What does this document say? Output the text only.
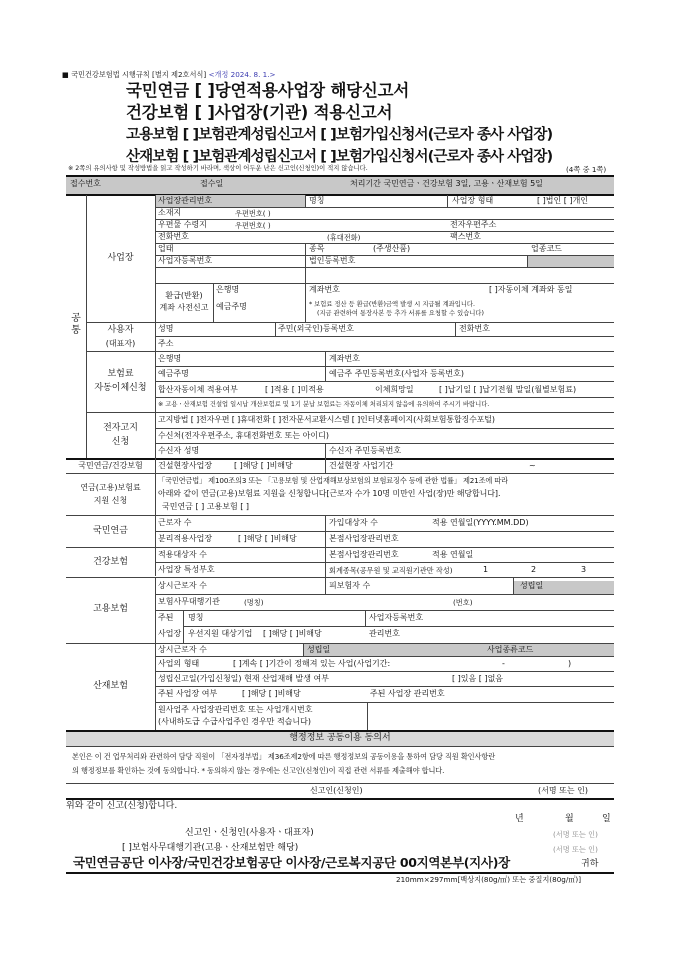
■ 국민건강보험법 시행규칙 [별지 제2호서식] <개정 2024. 8. 1.>
국민연금 [ ]당연적용사업장 해당신고서
건강보험 [ ]사업장(기관) 적용신고서
고용보험 [ ]보험관계성립신고서 [ ]보험가입신청서(근로자 종사 사업장)
산재보험 [ ]보험관계성립신고서 [ ]보험가입신청서(근로자 종사 사업장)
※ 2쪽의 유의사항 및 작성방법을 읽고 작성하기 바라며, 색상이 어두운 난은 신고인(신청인)이 적지 않습니다.	(4쪽 중 1쪽)
접수번호	접수일	처리기간 국민연금ㆍ건강보험 3일, 고용ㆍ산재보험 5일
공통
사업장
사업장관리번호	명칭	사업장 형태	[ ]법인 [ ]개인
소재지	우편번호( )
우편물 수령지	우편번호( )	전자우편주소
전화번호	(휴대전화)	팩스번호
업태	종목	(주생산품)	업종코드
사업자등록번호	법인등록번호
환급(반환)
계좌 사전신고
은행명
예금주명
계좌번호	[ ]자동이체 계좌와 동일
* 보험료 정산 등 환급(반환)금액 발생 시 지급될 계좌입니다.
(지금 관련하여 통장사본 등 추가 서류를 요청할 수 있습니다)
사용자
(대표자)
성명	주민(외국인)등록번호	전화번호
주소
보험료
자동이체신청
은행명	계좌번호
예금주명	예금주 주민등록번호(사업자 등록번호)
합산자동이체 적용여부	[ ]적용 [ ]미적용	이체희망일	[ ]납기일 [ ]납기전월 말일(월별보험료)
※ 고용ㆍ산재보험 건설업 일시납 개산보험료 및 1기 분납 보험료는 자동이체 처리되지 않음에 유의하여 주시기 바랍니다.
전자고지
신청
고지방법 [ ]전자우편 [ ]휴대전화 [ ]전자문서교환시스템 [ ]인터넷홈페이지(사회보험통합징수포털)
수신처(전자우편주소, 휴대전화번호 또는 아이디)
수신자 성명	수신자 주민등록번호
국민연금/건강보험	건설현장사업장	[ ]해당 [ ]비해당	건설현장 사업기간	~
연금(고용)보험료
지원 신청
「국민연금법」 제100조의3 또는 「고용보험 및 산업재해보상보험의 보험료징수 등에 관한 법률」 제21조에 따라
아래와 같이 연금(고용)보험료 지원을 신청합니다[근로자 수가 10명 미만인 사업(장)만 해당합니다].
국민연금 [ ] 고용보험 [ ]
국민연금
근로자 수	가입대상자 수	적용 연월일(YYYY.MM.DD)
분리적용사업장	[ ]해당 [ ]비해당	본점사업장관리번호
건강보험
적용대상자 수	본점사업장관리번호	적용 연월일
사업장 특성부호	회계종목(공무원 및 교직원기관만 작성)	1	2	3
고용보험
상시근로자 수	피보험자 수	성립일
보험사무대행기관	(명칭)	(번호)
주된
사업장
명칭	사업자등록번호
우선지원 대상기업 [ ]해당 [ ]비해당	관리번호
산재보험
상시근로자 수	성립일	사업종류코드
사업의 형태	[ ]계속 [ ]기간이 정해져 있는 사업(사업기간:	-	)
성립신고일(가입신청일) 현재 산업재해 발생 여부	[ ]있음 [ ]없음
주된 사업장 여부	[ ]해당 [ ]비해당	주된 사업장 관리번호
원사업주 사업장관리번호 또는 사업개시번호
(사내하도급 수급사업주인 경우만 적습니다)
행정정보 공동이용 동의서
본인은 이 건 업무처리와 관련하여 담당 직원이 「전자정부법」 제36조제2항에 따른 행정정보의 공동이용을 통하여 담당 직원 확인사항란
의 행정정보를 확인하는 것에 동의합니다. * 동의하지 않는 경우에는 신고인(신청인)이 직접 관련 서류를 제출해야 합니다.
신고인(신청인)	(서명 또는 인)
위와 같이 신고(신청)합니다.
년	월	일
신고인ㆍ신청인(사용자ㆍ대표자)	(서명 또는 인)
[ ]보험사무대행기관(고용ㆍ산재보험만 해당)	(서명 또는 인)
국민연금공단 이사장/국민건강보험공단 이사장/근로복지공단 00지역본부(지사)장	귀하
210mm×297mm[백상지(80g/㎡) 또는 중질지(80g/㎡)]
